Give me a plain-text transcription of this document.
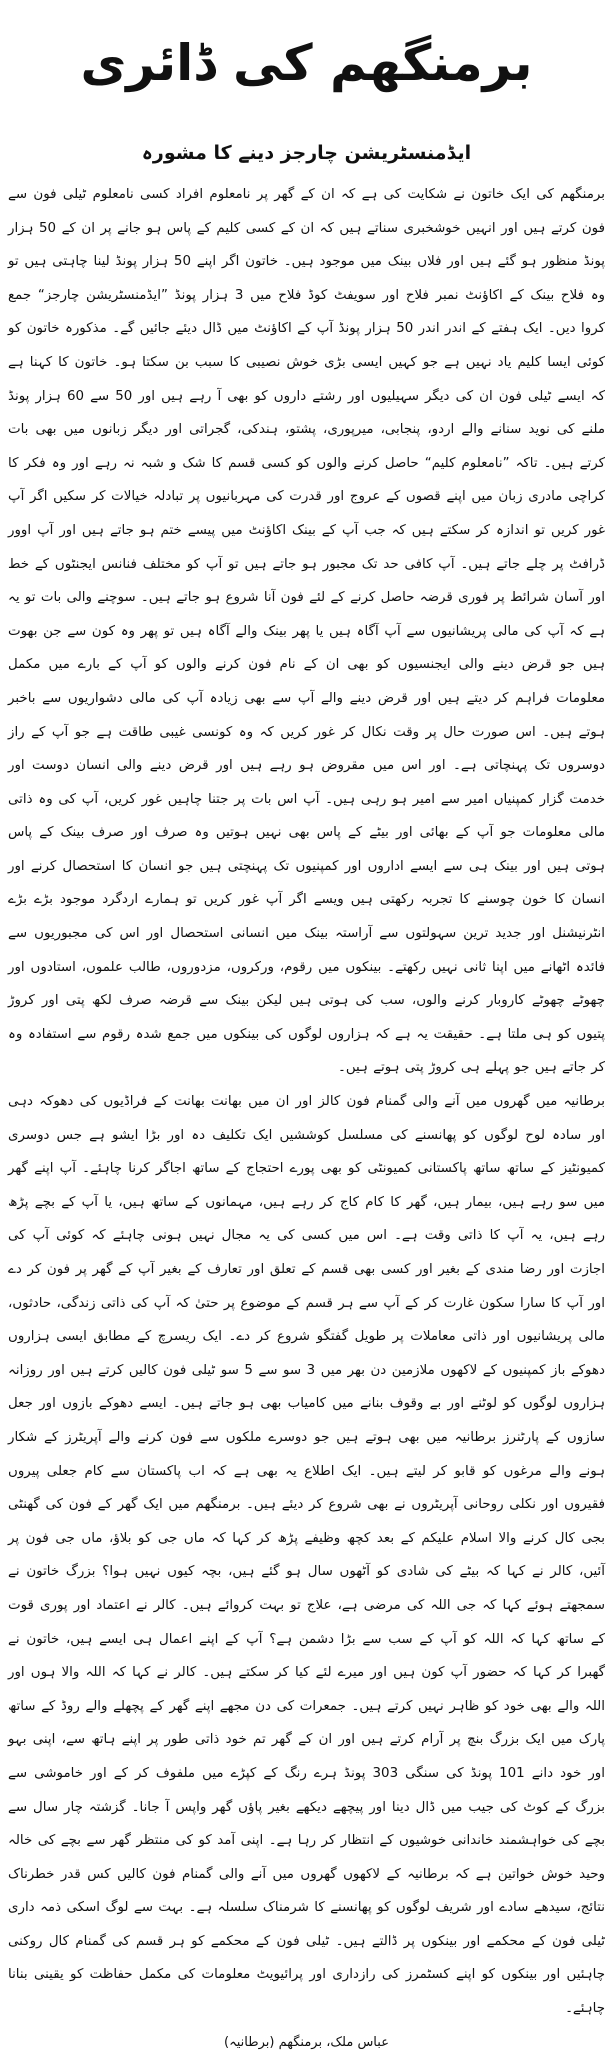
برمنگھم کی ڈائری
ایڈمنسٹریشن چارجز دینے کا مشورہ

برمنگھم کی ایک خاتون نے شکایت کی ہے کہ ان کے گھر پر نامعلوم افراد کسی نامعلوم ٹیلی فون سے فون کرتے ہیں اور انہیں خوشخبری سناتے ہیں کہ ان کے کسی کلیم کے پاس ہو جانے پر ان کے 50 ہزار پونڈ منظور ہو گئے ہیں اور فلاں بینک میں موجود ہیں۔ خاتون اگر اپنے 50 ہزار پونڈ لینا چاہتی ہیں تو وہ فلاح بینک کے اکاؤنٹ نمبر فلاح اور سویفٹ کوڈ فلاح میں 3 ہزار پونڈ ”ایڈمنسٹریشن چارجز“ جمع کروا دیں۔ ایک ہفتے کے اندر اندر 50 ہزار پونڈ آپ کے اکاؤنٹ میں ڈال دیئے جائیں گے۔ مذکورہ خاتون کو کوئی ایسا کلیم یاد نہیں ہے جو کہیں ایسی بڑی خوش نصیبی کا سبب بن سکتا ہو۔ خاتون کا کہنا ہے کہ ایسے ٹیلی فون ان کی دیگر سہیلیوں اور رشتے داروں کو بھی آ رہے ہیں اور 50 سے 60 ہزار پونڈ ملنے کی نوید سنانے والے اردو، پنجابی، میرپوری، پشتو، ہندکی، گجراتی اور دیگر زبانوں میں بھی بات کرتے ہیں۔ تاکہ ”نامعلوم کلیم“ حاصل کرنے والوں کو کسی قسم کا شک و شبہ نہ رہے اور وہ فکر کا کراچی مادری زبان میں اپنے قصوں کے عروج اور قدرت کی مہربانیوں پر تبادلہ خیالات کر سکیں اگر آپ غور کریں تو اندازہ کر سکتے ہیں کہ جب آپ کے بینک اکاؤنٹ میں پیسے ختم ہو جاتے ہیں اور آپ اوور ڈرافٹ پر چلے جاتے ہیں۔ آپ کافی حد تک مجبور ہو جاتے ہیں تو آپ کو مختلف فنانس ایجنٹوں کے خط اور آسان شرائط پر فوری قرضہ حاصل کرنے کے لئے فون آنا شروع ہو جاتے ہیں۔ سوچنے والی بات تو یہ ہے کہ آپ کی مالی پریشانیوں سے آپ آگاہ ہیں یا پھر بینک والے آگاہ ہیں تو پھر وہ کون سے جن بھوت ہیں جو قرض دینے والی ایجنسیوں کو بھی ان کے نام فون کرنے والوں کو آپ کے بارے میں مکمل معلومات فراہم کر دیتے ہیں اور قرض دینے والے آپ سے بھی زیادہ آپ کی مالی دشواریوں سے باخبر ہوتے ہیں۔ اس صورت حال پر وقت نکال کر غور کریں کہ وہ کونسی غیبی طاقت ہے جو آپ کے راز دوسروں تک پہنچاتی ہے۔ اور اس میں مقروض ہو رہے ہیں اور قرض دینے والی انسان دوست اور خدمت گزار کمپنیاں امیر سے امیر ہو رہی ہیں۔ آپ اس بات پر جتنا چاہیں غور کریں، آپ کی وہ ذاتی مالی معلومات جو آپ کے بھائی اور بیٹے کے پاس بھی نہیں ہوتیں وہ صرف اور صرف بینک کے پاس ہوتی ہیں اور بینک ہی سے ایسے اداروں اور کمپنیوں تک پہنچتی ہیں جو انسان کا استحصال کرنے اور انسان کا خون چوسنے کا تجربہ رکھتی ہیں ویسے اگر آپ غور کریں تو ہمارے اردگرد موجود بڑے بڑے انٹرنیشنل اور جدید ترین سہولتوں سے آراستہ بینک میں انسانی استحصال اور اس کی مجبوریوں سے فائدہ اٹھانے میں اپنا ثانی نہیں رکھتے۔ بینکوں میں رقوم، ورکروں، مزدوروں، طالب علموں، استادوں اور چھوٹے چھوٹے کاروبار کرنے والوں، سب کی ہوتی ہیں لیکن بینک سے قرضہ صرف لکھ پتی اور کروڑ پتیوں کو ہی ملتا ہے۔ حقیقت یہ ہے کہ ہزاروں لوگوں کی بینکوں میں جمع شدہ رقوم سے استفادہ وہ کر جاتے ہیں جو پہلے ہی کروڑ پتی ہوتے ہیں۔

برطانیہ میں گھروں میں آنے والی گمنام فون کالز اور ان میں بھانت بھانت کے فراڈیوں کی دھوکہ دہی اور سادہ لوح لوگوں کو پھانسنے کی مسلسل کوششیں ایک تکلیف دہ اور بڑا ایشو ہے جس دوسری کمیونٹیز کے ساتھ ساتھ پاکستانی کمیونٹی کو بھی پورے احتجاج کے ساتھ اجاگر کرنا چاہئے۔ آپ اپنے گھر میں سو رہے ہیں، بیمار ہیں، گھر کا کام کاج کر رہے ہیں، مہمانوں کے ساتھ ہیں، یا آپ کے بچے پڑھ رہے ہیں، یہ آپ کا ذاتی وقت ہے۔ اس میں کسی کی یہ مجال نہیں ہونی چاہئے کہ کوئی آپ کی اجازت اور رضا مندی کے بغیر اور کسی بھی قسم کے تعلق اور تعارف کے بغیر آپ کے گھر پر فون کر دے اور آپ کا سارا سکون غارت کر کے آپ سے ہر قسم کے موضوع پر حتیٰ کہ آپ کی ذاتی زندگی، حادثوں، مالی پریشانیوں اور ذاتی معاملات پر طویل گفتگو شروع کر دے۔ ایک ریسرچ کے مطابق ایسی ہزاروں دھوکے باز کمپنیوں کے لاکھوں ملازمین دن بھر میں 3 سو سے 5 سو ٹیلی فون کالیں کرتے ہیں اور روزانہ ہزاروں لوگوں کو لوٹنے اور بے وقوف بنانے میں کامیاب بھی ہو جاتے ہیں۔ ایسے دھوکے بازوں اور جعل سازوں کے پارٹنرز برطانیہ میں بھی ہوتے ہیں جو دوسرے ملکوں سے فون کرنے والے آپریٹرز کے شکار ہونے والے مرغوں کو قابو کر لیتے ہیں۔ ایک اطلاع یہ بھی ہے کہ اب پاکستان سے کام جعلی پیروں فقیروں اور نکلی روحانی آپریٹروں نے بھی شروع کر دیئے ہیں۔ برمنگھم میں ایک گھر کے فون کی گھنٹی بجی کال کرنے والا اسلام علیکم کے بعد کچھ وظیفے پڑھ کر کہا کہ ماں جی کو بلاؤ، ماں جی فون پر آئیں، کالر نے کہا کہ بیٹے کی شادی کو آٹھوں سال ہو گئے ہیں، بچہ کیوں نہیں ہوا؟ بزرگ خاتون نے سمجھتے ہوئے کہا کہ جی اللہ کی مرضی ہے، علاج تو بہت کروائے ہیں۔ کالر نے اعتماد اور پوری قوت کے ساتھ کہا کہ اللہ کو آپ کے سب سے بڑا دشمن ہے؟ آپ کے اپنے اعمال ہی ایسے ہیں، خاتون نے گھبرا کر کہا کہ حضور آپ کون ہیں اور میرے لئے کیا کر سکتے ہیں۔ کالر نے کہا کہ اللہ والا ہوں اور اللہ والے بھی خود کو ظاہر نہیں کرتے ہیں۔ جمعرات کی دن مجھے اپنے گھر کے پچھلے والے روڈ کے ساتھ پارک میں ایک بزرگ بنچ پر آرام کرتے ہیں اور ان کے گھر تم خود ذاتی طور پر اپنے ہاتھ سے، اپنی بہو اور خود دانے 101 پونڈ کی سنگی 303 پونڈ ہرے رنگ کے کپڑے میں ملفوف کر کے اور خاموشی سے بزرگ کے کوٹ کی جیب میں ڈال دینا اور پیچھے دیکھے بغیر پاؤں گھر واپس آ جانا۔ گزشتہ چار سال سے بچے کی خواہشمند خاندانی خوشیوں کے انتظار کر رہا ہے۔ اپنی آمد کو کی منتظر گھر سے بچے کی خالہ وحید خوش خواتین ہے کہ برطانیہ کے لاکھوں گھروں میں آنے والی گمنام فون کالیں کس قدر خطرناک نتائج، سیدھے سادے اور شریف لوگوں کو پھانسنے کا شرمناک سلسلہ ہے۔ بہت سے لوگ اسکی ذمہ داری ٹیلی فون کے محکمے اور بینکوں پر ڈالتے ہیں۔ ٹیلی فون کے محکمے کو ہر قسم کی گمنام کال روکنی چاہئیں اور بینکوں کو اپنے کسٹمرز کی رازداری اور پرائیویٹ معلومات کی مکمل حفاظت کو یقینی بنانا چاہئے۔

عباس ملک، برمنگھم (برطانیہ)
